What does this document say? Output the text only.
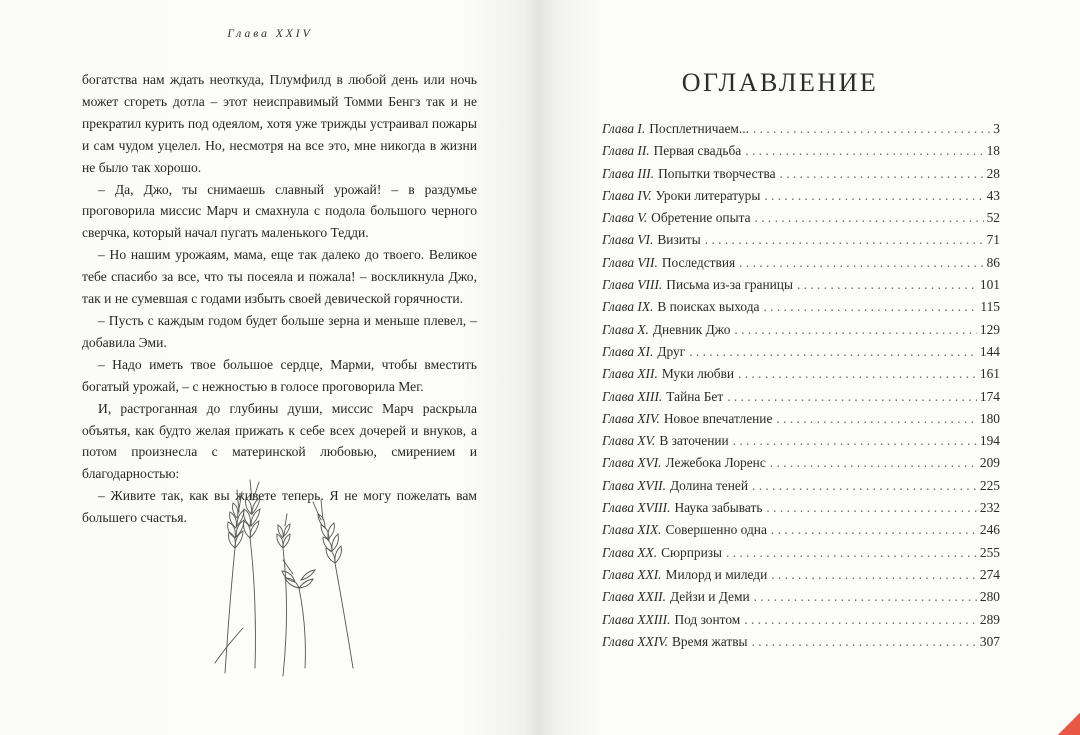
Глава XXIV

богатства нам ждать неоткуда, Плумфилд в любой день или ночь может сгореть дотла – этот неисправимый Томми Бенгз так и не прекратил курить под одеялом, хотя уже трижды устраивал пожары и сам чудом уцелел. Но, несмотря на все это, мне никогда в жизни не было так хорошо.

– Да, Джо, ты снимаешь славный урожай! – в раздумье проговорила миссис Марч и смахнула с подола большого черного сверчка, который начал пугать маленького Тедди.

– Но нашим урожаям, мама, еще так далеко до твоего. Великое тебе спасибо за все, что ты посеяла и пожала! – воскликнула Джо, так и не сумевшая с годами избыть своей девической горячности.

– Пусть с каждым годом будет больше зерна и меньше плевел, – добавила Эми.

– Надо иметь твое большое сердце, Марми, чтобы вместить богатый урожай, – с нежностью в голосе проговорила Мег.

И, растроганная до глубины души, миссис Марч раскрыла объятья, как будто желая прижать к себе всех дочерей и внуков, а потом произнесла с материнской любовью, смирением и благодарностью:

– Живите так, как вы живете теперь. Я не могу пожелать вам большего счастья.

ОГЛАВЛЕНИЕ
Глава I. Посплетничаем... . . .	3
Глава II. Первая свадьба . . .	18
Глава III. Попытки творчества . . .	28
Глава IV. Уроки литературы . . .	43
Глава V. Обретение опыта . . .	52
Глава VI. Визиты . . .	71
Глава VII. Последствия . . .	86
Глава VIII. Письма из-за границы . . .	101
Глава IX. В поисках выхода . . .	115
Глава X. Дневник Джо . . .	129
Глава XI. Друг . . .	144
Глава XII. Муки любви . . .	161
Глава XIII. Тайна Бет . . .	174
Глава XIV. Новое впечатление . . .	180
Глава XV. В заточении . . .	194
Глава XVI. Лежебока Лоренс . . .	209
Глава XVII. Долина теней . . .	225
Глава XVIII. Наука забывать . . .	232
Глава XIX. Совершенно одна . . .	246
Глава XX. Сюрпризы . . .	255
Глава XXI. Милорд и миледи . . .	274
Глава XXII. Дейзи и Деми . . .	280
Глава XXIII. Под зонтом . . .	289
Глава XXIV. Время жатвы . . .	307
